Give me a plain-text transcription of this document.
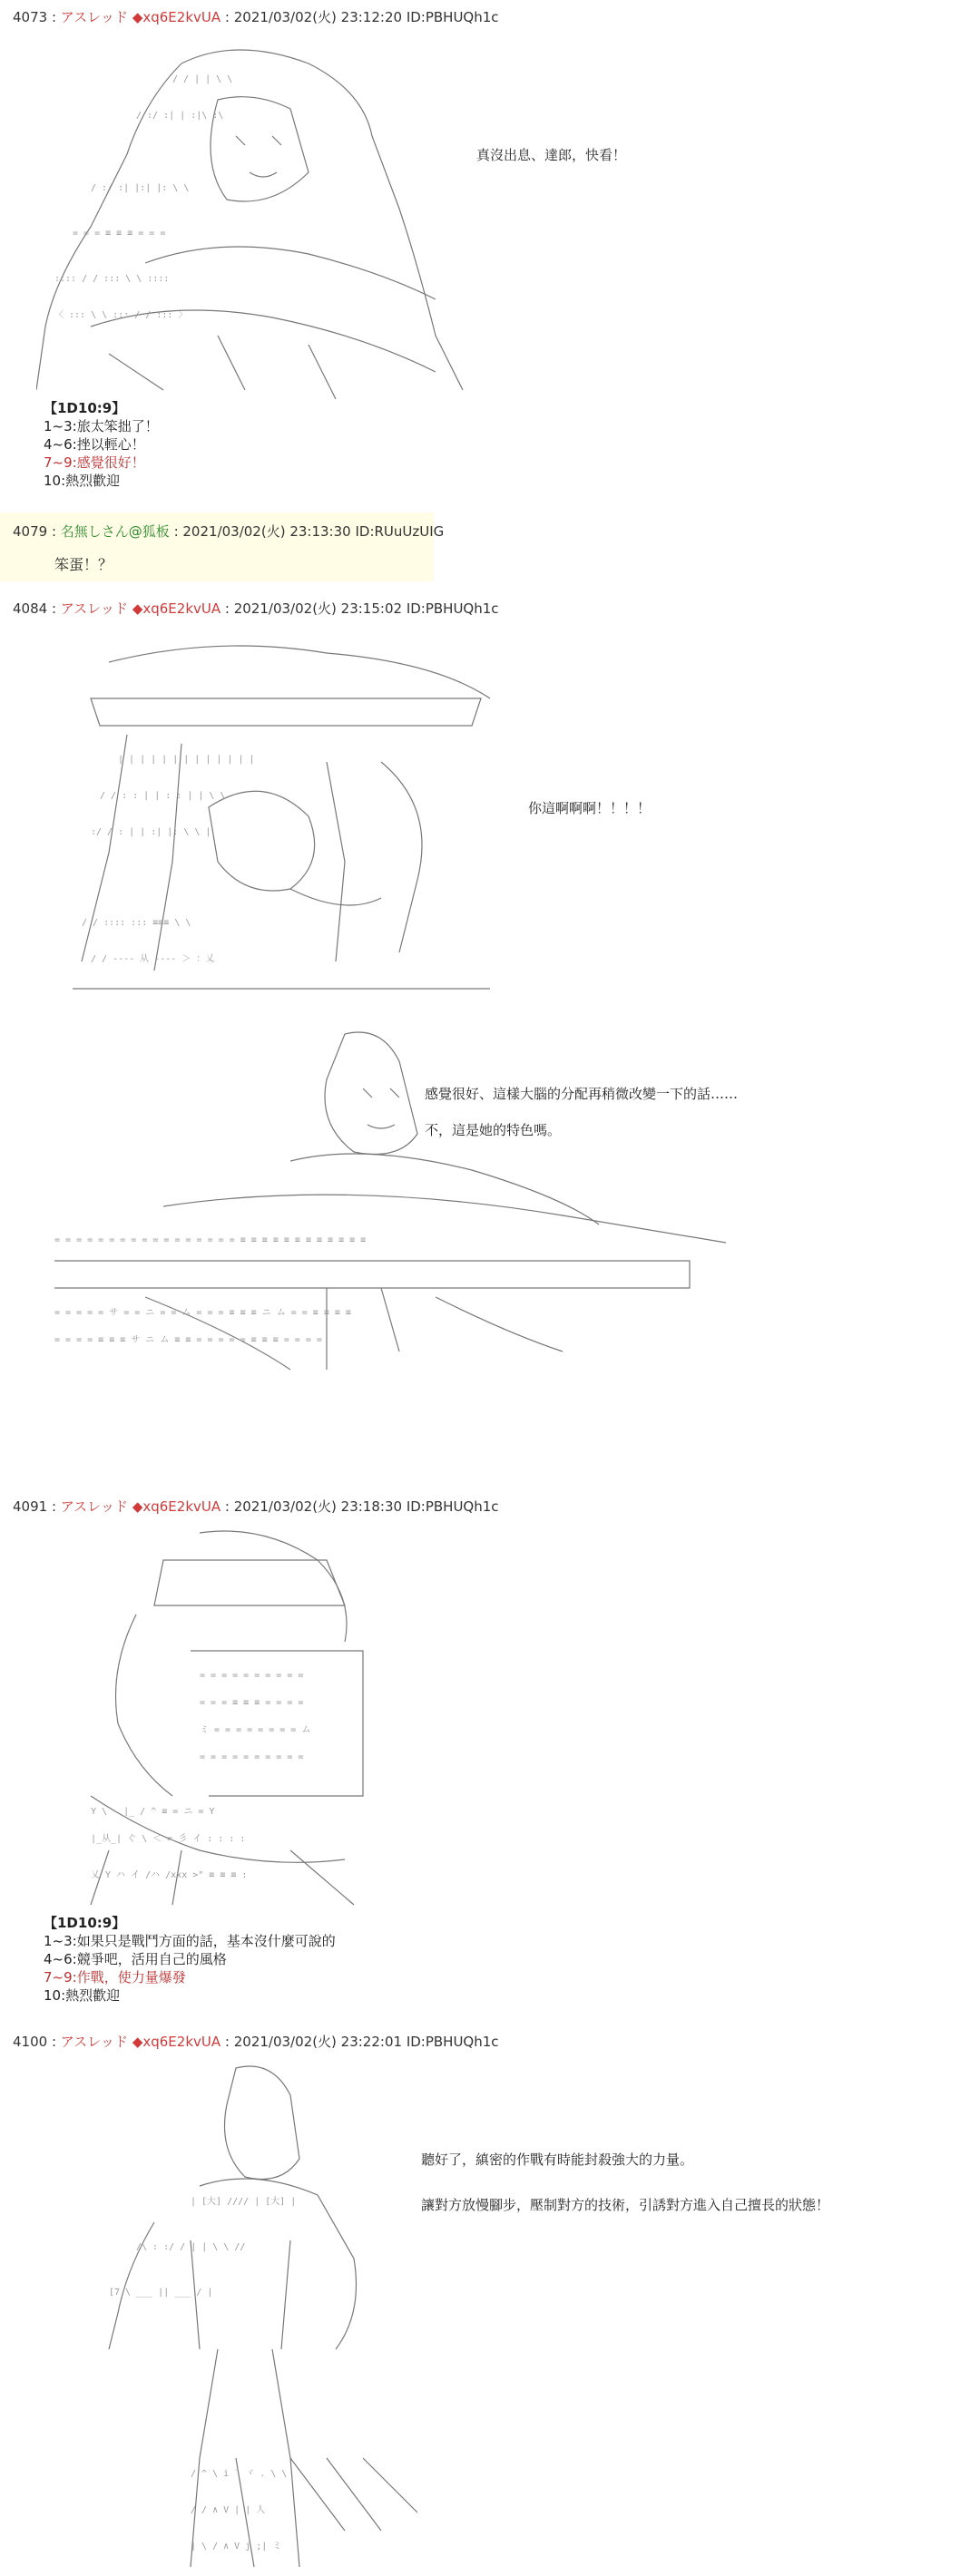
4073 : アスレッド ◆xq6E2kvUA : 2021/03/02(火) 23:12:20 ID:PBHUQh1c
/ / | | \ \
/ :/ :| | :|\ :\
/ :/ :| |:| |: \ \
= = = ≡ ≡ ≡ = = =
:::: / / ::: \ \ ::::
〈 ::: \ \ ::: / / ::: 〉
真沒出息、達郎，快看！
【1D10:9】
1~3:旅太笨拙了！
4~6:挫以輕心！
7~9:感覺很好！
10:熱烈歡迎
4079 : 名無しさん@狐板 : 2021/03/02(火) 23:13:30 ID:RUuUzUIG
笨蛋！？
4084 : アスレッド ◆xq6E2kvUA : 2021/03/02(火) 23:15:02 ID:PBHUQh1c
| | | | | | | | | | | | |
/ / : : | | : : | | \ \
:/ / : | | :| |: \ \ |
/ / :::: ::: ≡≡≡ \ \
/ / ---- 从 ---- ＞ ：乂
你這啊啊啊！！！！
= = = = = = = = = = = = = = = = = ≡ ≡ ≡ ≡ ≡ ≡ ≡ ≡ ≡ ≡ ≡ ≡
= = = = = サ = = ニ = = ム = = = ≡ ≡ ≡ ニ ム = = ≡ ≡ ≡ ≡
= = = = ≡ ≡ ≡ サ ニ ム ≡ ≡ = = = = = ≡ ≡ ≡ = = = =
感覺很好、這樣大腦的分配再稍微改變一下的話……
不，這是她的特色嗎。
4091 : アスレッド ◆xq6E2kvUA : 2021/03/02(火) 23:18:30 ID:PBHUQh1c
= = = = = = = = = =
= = = ≡ ≡ ≡ = = = =
ミ = = = = = = = = ム
= = = = = = = = = =
Y \ - |_ / ^ ≡ = ニ = Y
|_从_| ぐ \ ＜ = 彡 イ : : : :
乂 Y ハ イ /ハ /xxx >" ≡ ≡ ≡ :
【1D10:9】
1~3:如果只是戰鬥方面的話，基本沒什麼可說的
4~6:競爭吧，活用自己的風格
7~9:作戰，使力量爆發
10:熱烈歡迎
4100 : アスレッド ◆xq6E2kvUA : 2021/03/02(火) 23:22:01 ID:PBHUQh1c
| [大] //// | [大] |
/\ : :/ / | | \ \ //
[7 \ ___ || ___ / |
/ ^ \ i ¨ ヾ . \ \
/ / ∧ V | | 人
| \ / ∧ V j ;| ミ
聽好了，縝密的作戰有時能封殺強大的力量。
讓對方放慢腳步，壓制對方的技術，引誘對方進入自己擅長的狀態！
